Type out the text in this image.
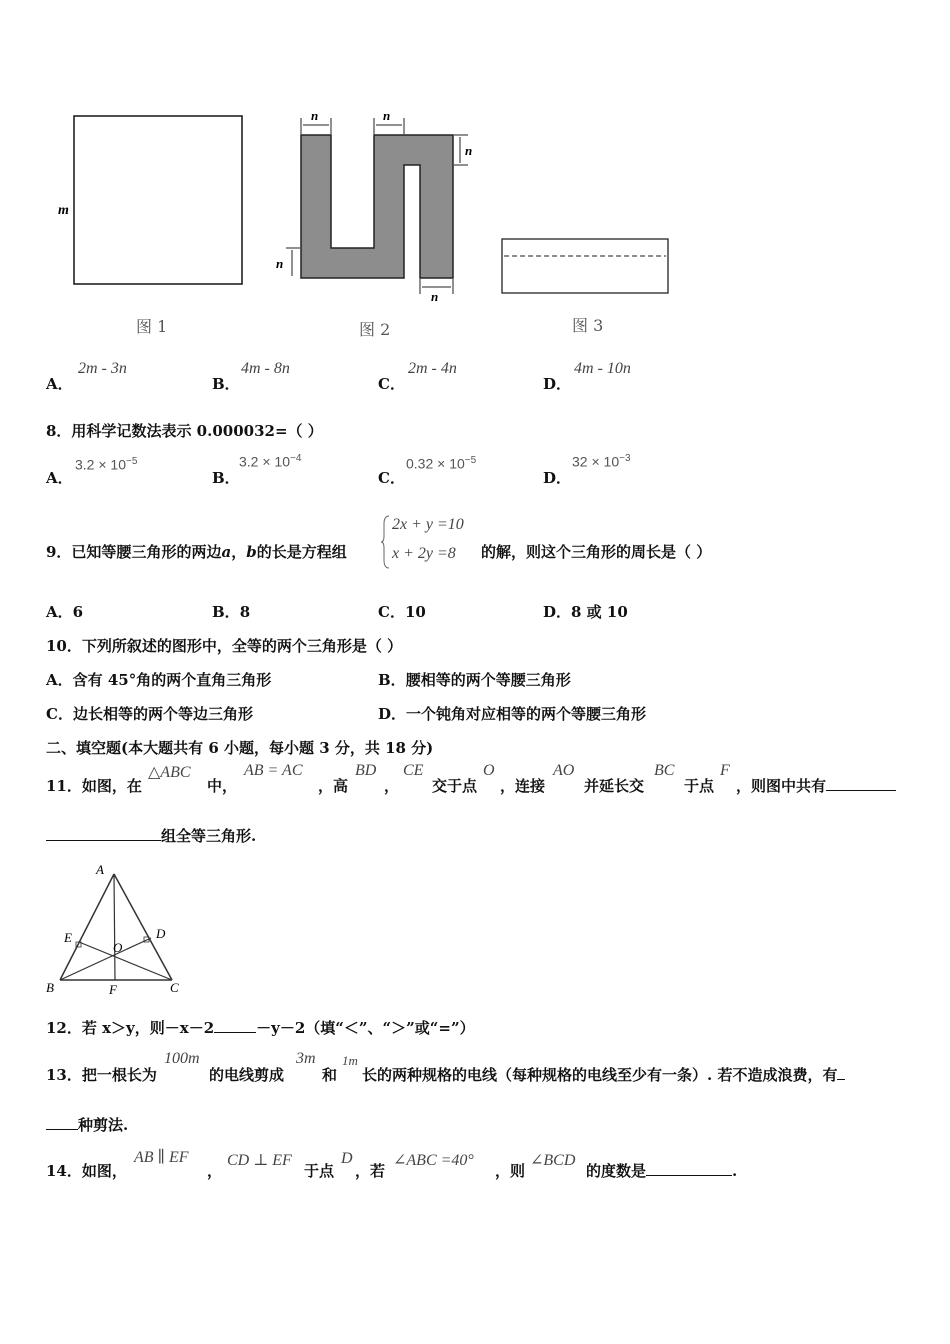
m
图 1
n	n
n
n
n
图 2	图 3
A．
2m - 3n
B．
4m - 8n
C．
2m - 4n
D．
4m - 10n
8．用科学记数法表示 0.000032=（ ）
A．
$3.2 \times 10^{-5}$
B．
$3.2 \times 10^{-4}$
C．
$0.32 \times 10^{-5}$
D．
$32 \times 10^{-3}$
9．已知等腰三角形的两边a，b的长是方程组
2x + y =10
x + 2y =8 的解，则这个三角形的周长是（ ）
A．6	B．8	C．10	D．8 或 10
10．下列所叙述的图形中，全等的两个三角形是（ ）
A．含有 45°角的两个直角三角形	B．腰相等的两个等腰三角形
C．边长相等的两个等边三角形	D．一个钝角对应相等的两个等腰三角形
二、填空题(本大题共有 6 小题，每小题 3 分，共 18 分)
11．如图，在
△ABC
中，
AB = AC
，高
BD
，
CE
交于点
O
，连接
AO
并延长交
BC
于点
F
，则图中共有
组全等三角形.
A
B	C
D
E
F
O
12．若 x＞y，则－x－2	－y－2（填“＜”、“＞”或“=”）
13．把一根长为
100m
的电线剪成
3m
和
1m
长的两种规格的电线（每种规格的电线至少有一条）. 若不造成浪费，有
种剪法.
14．如图，
AB ∥ EF
，
CD ⊥ EF
于点
D
，若
∠ABC =40°
，则
∠BCD
的度数是	.
